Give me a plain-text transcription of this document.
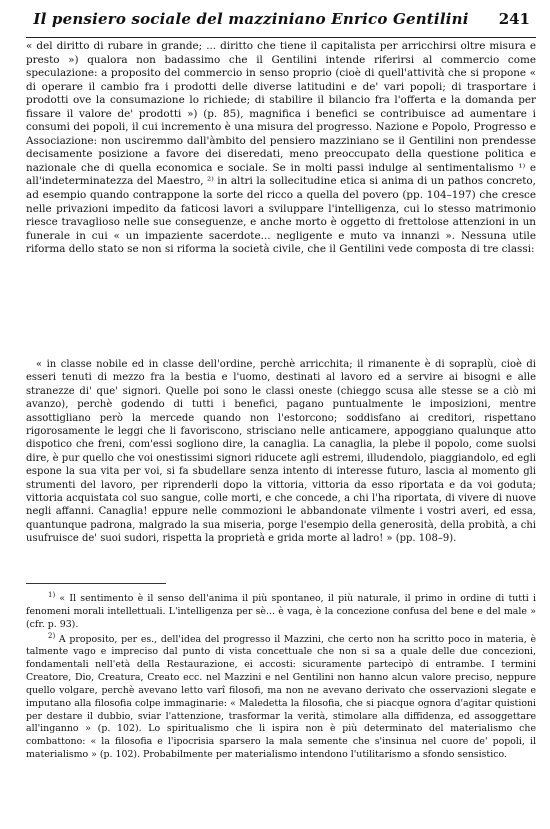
Il pensiero sociale del mazziniano Enrico Gentilini	241

« del diritto di rubare in grande; ... diritto che tiene il capitalista per arricchirsi oltre misura e presto ») qualora non badassimo che il Gentilini intende riferirsi al commercio come speculazione: a proposito del commercio in senso proprio (cioè di quell'attività che si propone « di operare il cambio fra i prodotti delle diverse latitudini e de' vari popoli; di trasportare i prodotti ove la consumazione lo richiede; di stabilire il bilancio fra l'offerta e la domanda per fissare il valore de' prodotti ») (p. 85), magnifica i benefici se contribuisce ad aumentare i consumi dei popoli, il cui incremento è una misura del progresso. Nazione e Popolo, Progresso e Associazione: non usciremmo dall'àmbito del pensiero mazziniano se il Gentilini non prendesse decisamente posizione a favore dei diseredati, meno preoccupato della questione politica e nazionale che di quella economica e sociale. Se in molti passi indulge al sentimentalismo ¹⁾ e all'indeterminatezza del Maestro, ²⁾ in altri la sollecitudine etica si anima di un pathos concreto, ad esempio quando contrappone la sorte del ricco a quella del povero (pp. 104–197) che cresce nelle privazioni impedito da faticosi lavori a sviluppare l'intelligenza, cui lo stesso matrimonio riesce travaglioso nelle sue conseguenze, e anche morto è oggetto di frettolose attenzioni in un funerale in cui « un impaziente sacerdote... negligente e muto va innanzi ». Nessuna utile riforma dello stato se non si riforma la società civile, che il Gentilini vede composta di tre classi:

« in classe nobile ed in classe dell'ordine, perchè arricchita; il rimanente è di sopraplù, cioè di esseri tenuti di mezzo fra la bestia e l'uomo, destinati al lavoro ed a servire ai bisogni e alle stranezze di' que' signori. Quelle poi sono le classi oneste (chieggo scusa alle stesse se a ciò mi avanzo), perchè godendo di tutti i benefici, pagano puntualmente le imposizioni, mentre assottigliano però la mercede quando non l'estorcono; soddisfano ai creditori, rispettano rigorosamente le leggi che li favoriscono, strisciano nelle anticamere, appoggiano qualunque atto dispotico che freni, com'essi sogliono dire, la canaglia. La canaglia, la plebe il popolo, come suolsi dire, è pur quello che voi onestissimi signori riducete agli estremi, illudendolo, piaggiandolo, ed egli espone la sua vita per voi, si fa sbudellare senza intento di interesse futuro, lascia al momento gli strumenti del lavoro, per riprenderli dopo la vittoria, vittoria da esso riportata e da voi goduta; vittoria acquistata col suo sangue, colle morti, e che concede, a chi l'ha riportata, di vivere di nuove negli affanni. Canaglia! eppure nelle commozioni le abbandonate vilmente i vostri averi, ed essa, quantunque padrona, malgrado la sua miseria, porge l'esempio della generosità, della probità, a chi usufruisce de' suoi sudori, rispetta la proprietà e grida morte al ladro! » (pp. 108–9).

$^{1)}$ « Il sentimento è il senso dell'anima il più spontaneo, il più naturale, il primo in ordine di tutti i fenomeni morali intellettuali. L'intelligenza per sè... è vaga, è la concezione confusa del bene e del male » (cfr. p. 93).

$^{2)}$ A proposito, per es., dell'idea del progresso il Mazzini, che certo non ha scritto poco in materia, è talmente vago e impreciso dal punto di vista concettuale che non si sa a quale delle due concezioni, fondamentali nell'età della Restaurazione, ei accosti: sicuramente partecipò di entrambe. I termini Creatore, Dio, Creatura, Creato ecc. nel Mazzini e nel Gentilini non hanno alcun valore preciso, neppure quello volgare, perchè avevano letto varî filosofi, ma non ne avevano derivato che osservazioni slegate e imputano alla filosofia colpe immaginarie: « Maledetta la filosofia, che si piacque ognora d'agitar quistioni per destare il dubbio, sviar l'attenzione, trasformar la verità, stimolare alla diffidenza, ed assoggettare all'inganno » (p. 102). Lo spiritualismo che li ispira non è più determinato del materialismo che combattono: « la filosofia e l'ipocrisia sparsero la mala semente che s'insinua nel cuore de' popoli, il materialismo » (p. 102). Probabilmente per materialismo intendono l'utilitarismo a sfondo sensistico.
